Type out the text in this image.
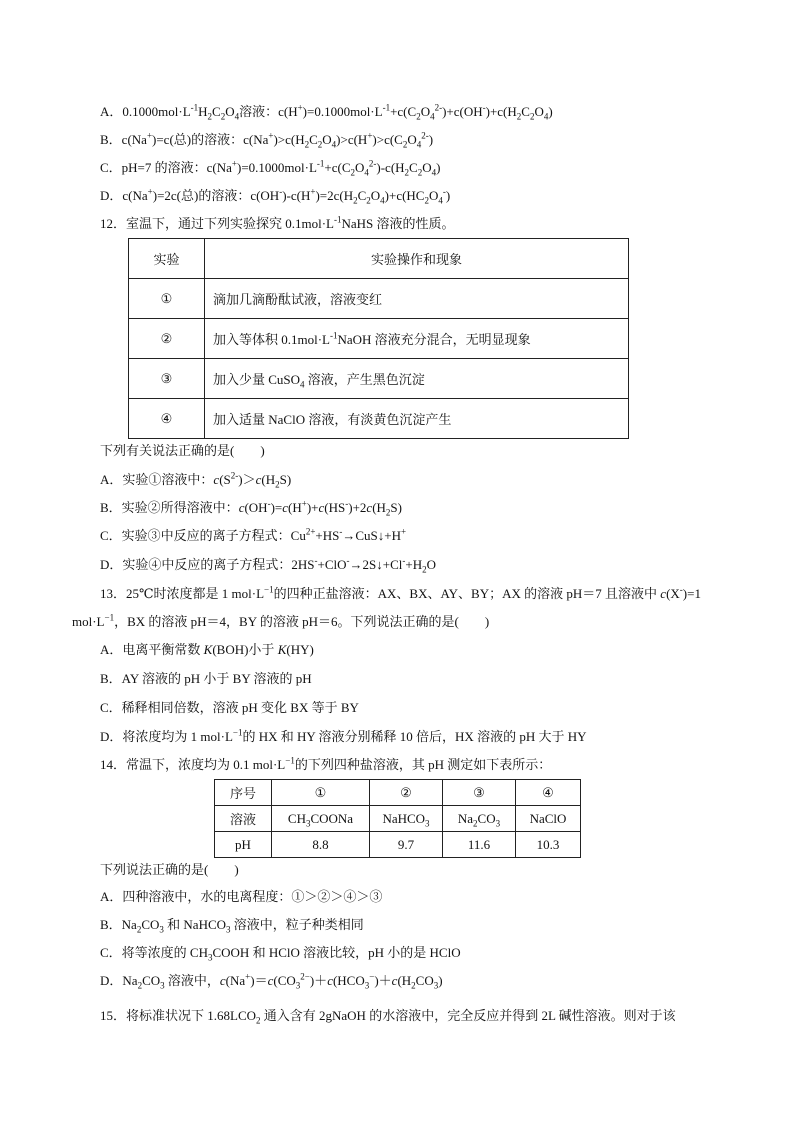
A．$0.1000mol\cdot L^{-1}H_2C_2O_4$溶液：$c(H^+)=0.1000mol\cdot L^{-1}+c(C_2O_4^{2-})+c(OH^-)+c(H_2C_2O_4)$
B．c(Na+)=c(总)的溶液：$c(Na^+)>c(H_2C_2O_4)>c(H^+)>c(C_2O_4^{2-})$
C．pH=7 的溶液：$c(Na^+)=0.1000mol\cdot L^{-1}+c(C_2O_4^{2-})-c(H_2C_2O_4)$
D．c(Na+)=2c(总)的溶液：$c(OH^-)-c(H^+)=2c(H_2C_2O_4)+c(HC_2O_4^-)$
12．室温下，通过下列实验探究 $0.1mol\cdot L^{-1}NaHS$ 溶液的性质。
实验	实验操作和现象
①	滴加几滴酚酞试液，溶液变红
②	加入等体积 $0.1mol\cdot L^{-1}NaOH$ 溶液充分混合，无明显现象
③	加入少量 CuSO$_4$ 溶液，产生黑色沉淀
④	加入适量 NaClO 溶液，有淡黄色沉淀产生
下列有关说法正确的是(　　)
A．实验①溶液中：$c(S^{2-})>c(H_2S)$
B．实验②所得溶液中：$c(OH^-)=c(H^+)+c(HS^-)+2c(H_2S)$
C．实验③中反应的离子方程式：$Cu^{2+}+HS^-\to CuS↓+H^+$
D．实验④中反应的离子方程式：$2HS^-+ClO^-\to 2S↓+Cl^-+H_2O$
13．25℃时浓度都是 1 $mol\cdot L^{-1}$的四种正盐溶液：AX、BX、AY、BY；AX 的溶液 pH＝7 且溶液中 c(X-)=1
$mol\cdot L^{-1}$，BX 的溶液 pH＝4，BY 的溶液 pH＝6。下列说法正确的是(　　)
A．电离平衡常数 K(BOH)小于 K(HY)
B．AY 溶液的 pH 小于 BY 溶液的 pH
C．稀释相同倍数，溶液 pH 变化 BX 等于 BY
D．将浓度均为 1 $mol\cdot L^{-1}$的 HX 和 HY 溶液分别稀释 10 倍后，HX 溶液的 pH 大于 HY
14．常温下，浓度均为 0.1 $mol\cdot L^{-1}$的下列四种盐溶液，其 pH 测定如下表所示：
序号	①	②	③	④
溶液	$CH_3COONa$	NaHCO$_3$	$Na_2CO_3$	NaClO
pH	8.8	9.7	11.6	10.3
下列说法正确的是(　　)
A．四种溶液中，水的电离程度：①＞②＞④＞③
B．$Na_2CO_3$ 和 NaHCO$_3$ 溶液中，粒子种类相同
C．将等浓度的 $CH_3COOH$ 和 HClO 溶液比较，pH 小的是 HClO
D．$Na_2CO_3$ 溶液中，$c(Na^+)=c(CO_3^{2-})+c(HCO_3^-)+c(H_2CO_3)$
15．将标准状况下 $1.68LCO_2$ 通入含有 2gNaOH 的水溶液中，完全反应并得到 2L 碱性溶液。则对于该
